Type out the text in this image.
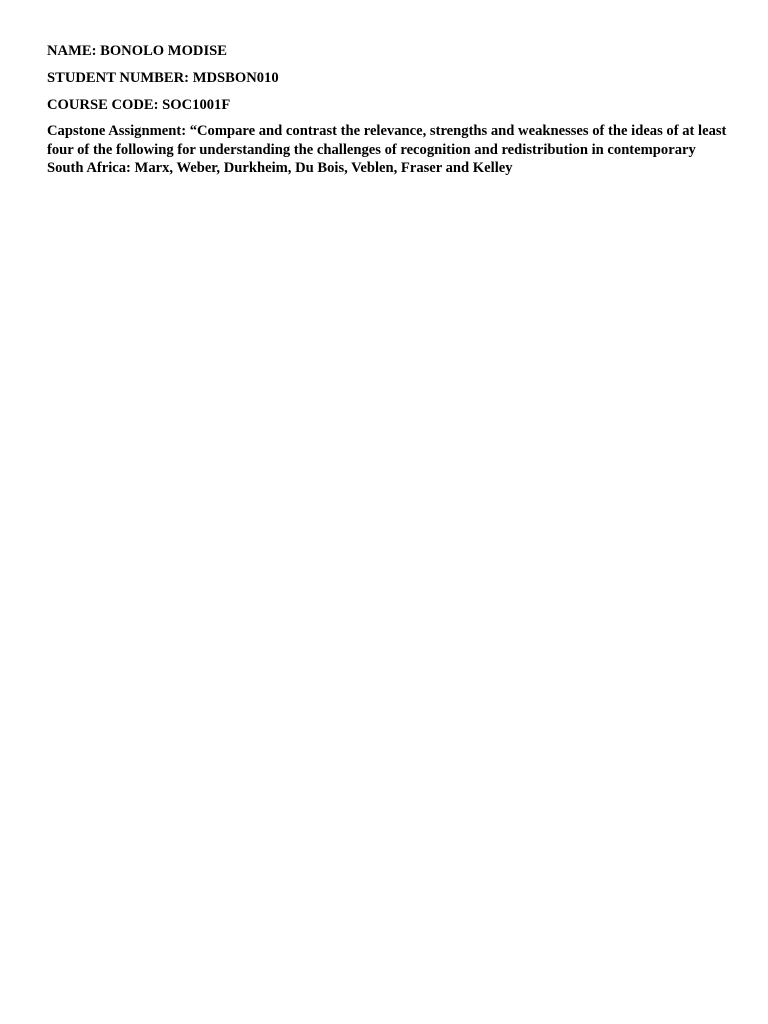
NAME: BONOLO MODISE

STUDENT NUMBER: MDSBON010

COURSE CODE: SOC1001F

Capstone Assignment: “Compare and contrast the relevance, strengths and weaknesses of the ideas of at least four of the following for understanding the challenges of recognition and redistribution in contemporary South Africa: Marx, Weber, Durkheim, Du Bois, Veblen, Fraser and Kelley
